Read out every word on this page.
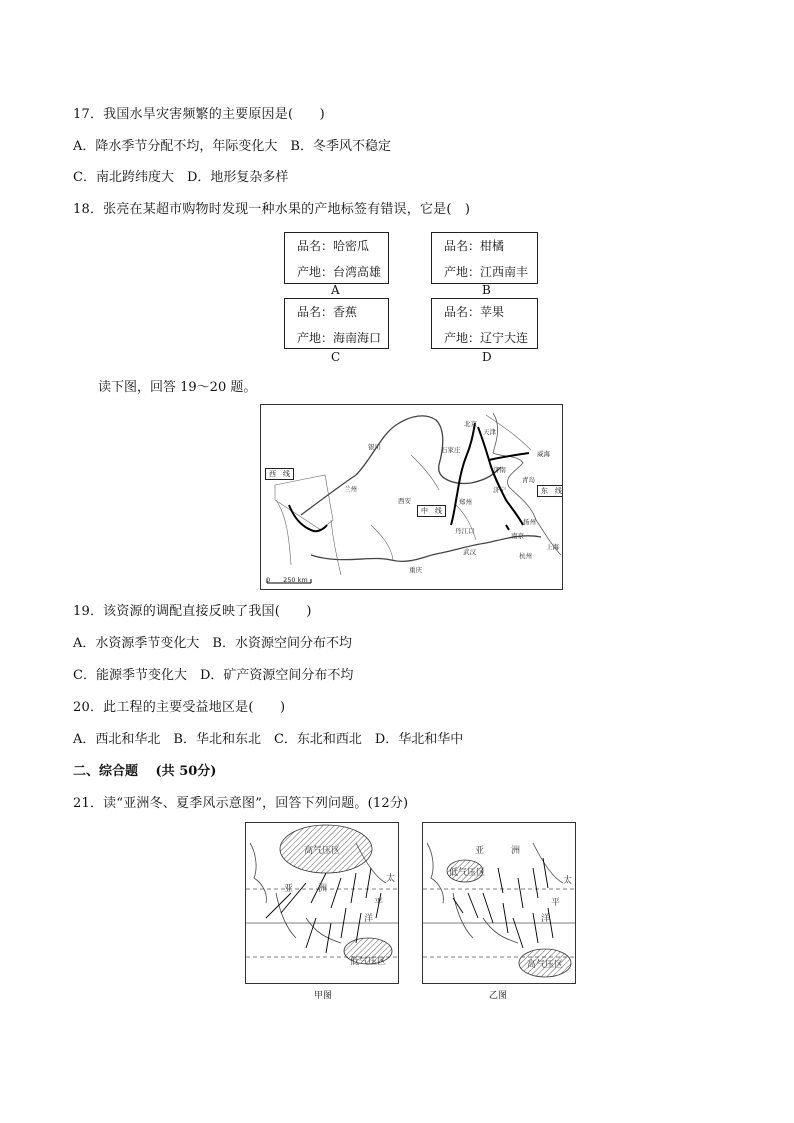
17．我国水旱灾害频繁的主要原因是(　　)
A．降水季节分配不均，年际变化大　B．冬季风不稳定
C．南北跨纬度大　D．地形复杂多样
18．张亮在某超市购物时发现一种水果的产地标签有错误，它是(　)
品名：哈密瓜
产地：台湾高雄
A
品名：柑橘
产地：江西南丰
B
品名：香蕉
产地：海南海口
C
品名：苹果
产地：辽宁大连
D
读下图，回答 19～20 题。
西　线
中　线
东　线
北京
天津
石家庄
济南
青岛
威海
郑州
济宁
西安
银川
兰州
丹江口
武汉
南京
扬州
上海
杭州
重庆
0　　250 km
19．该资源的调配直接反映了我国(　　)
A．水资源季节变化大　B．水资源空间分布不均
C．能源季节变化大　D．矿产资源空间分布不均
20．此工程的主要受益地区是(　　)
A．西北和华北　B．华北和东北　C．东北和西北　D．华北和华中
二、综合题　 (共 50分)
21．读“亚洲冬、夏季风示意图”，回答下列问题。(12分)
高气压区
低气压区
亚	洲
太
平
洋
甲图
低气压区
高气压区
亚	洲
太
平
洋
乙图
